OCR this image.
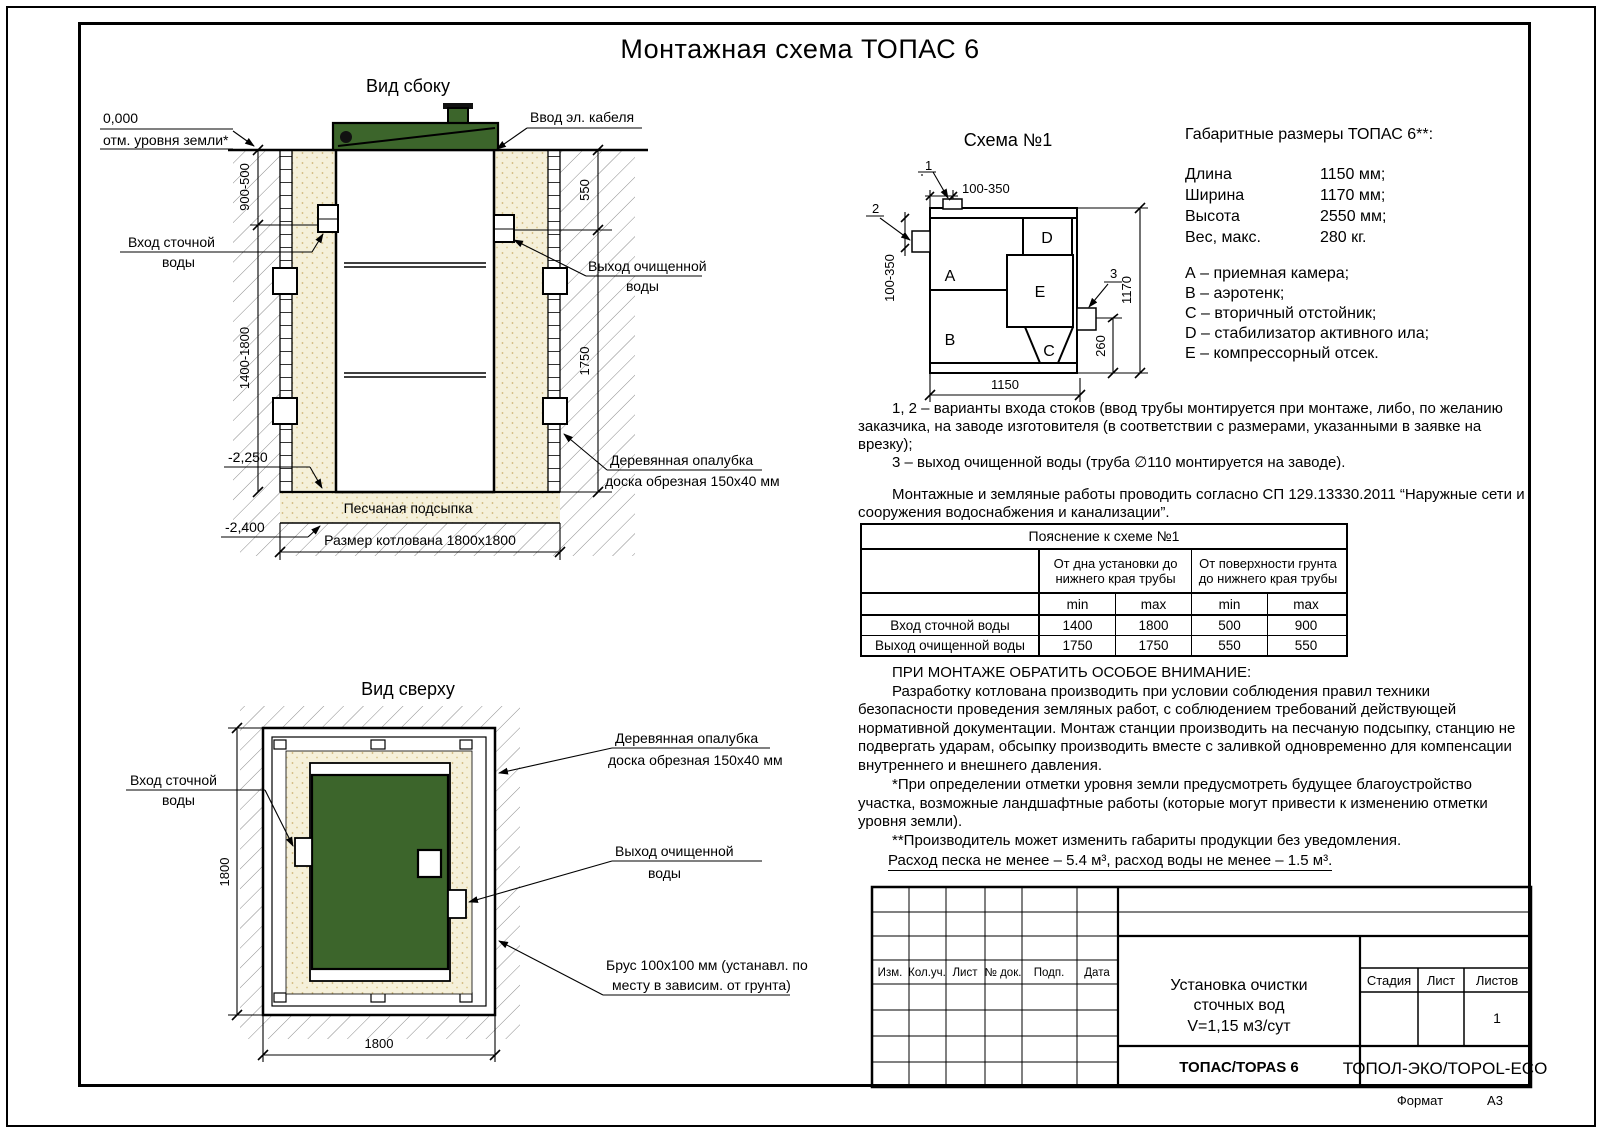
Монтажная схема ТОПАС 6
Вид сбоку
900-500
1400-1800
550
1750
Размер котлована 1800х1800
Песчаная подсыпка
0,000
отм. уровня земли*
Ввод эл. кабеля
Вход сточной
воды	Выход очищенной
воды
Деревянная опалубка
доска обрезная 150х40 мм
-2,250
-2,400
Схема №1
A
B
C
D
E
100-350
100-350	1170
260
1150
1
2
3
Габаритные размеры ТОПАС 6**:
Длина	1150 мм;
Ширина	1170 мм;
Высота	2550 мм;
Вес, макс.	280 кг.
А – приемная камера;
В – аэротенк;
С – вторичный отстойник;
D – стабилизатор активного ила;
Е – компрессорный отсек.

1, 2 – варианты входа стоков (ввод трубы монтируется при монтаже, либо, по желанию заказчика, на заводе изготовителя (в соответствии с размерами, указанными в заявке на врезку);

3 – выход очищенной воды (труба ∅110 монтируется на заводе).

Монтажные и земляные работы проводить согласно СП 129.13330.2011 “Наружные сети и сооружения водоснабжения и канализации”.

Пояснение к схеме №1
От дна установки до нижнего края трубы
От поверхности грунта до нижнего края трубы
min	max	min	max
Вход сточной воды	1400	1800	500	900
Выход очищенной воды	1750	1750	550	550

ПРИ МОНТАЖЕ ОБРАТИТЬ ОСОБОЕ ВНИМАНИЕ:

Разработку котлована производить при условии соблюдения правил техники безопасности проведения земляных работ, с соблюдением требований действующей нормативной документации. Монтаж станции производить на песчаную подсыпку, станцию не подвергать ударам, обсыпку производить вместе с заливкой одновременно для компенсации внутреннего и внешнего давления.

*При определении отметки уровня земли предусмотреть будущее благоустройство участка, возможные ландшафтные работы (которые могут привести к изменению отметки уровня земли).

**Производитель может изменить габариты продукции без уведомления.

Расход песка не менее – 5.4 м³, расход воды не менее – 1.5 м³.
Вид сверху
1800
1800
Вход сточной
воды
Деревянная опалубка
доска обрезная 150х40 мм
Выход очищенной
воды
Брус 100х100 мм (устанавл. по
месту в зависим. от грунта)
Изм. Кол.уч. Лист № док. Подп. Дата
Установка очистки
сточных вод
V=1,15 м3/сут
Стадия Лист Листов
1
ТОПАС/TOPAS 6	ТОПОЛ-ЭКО/TOPOL-ECO
Формат	А3
